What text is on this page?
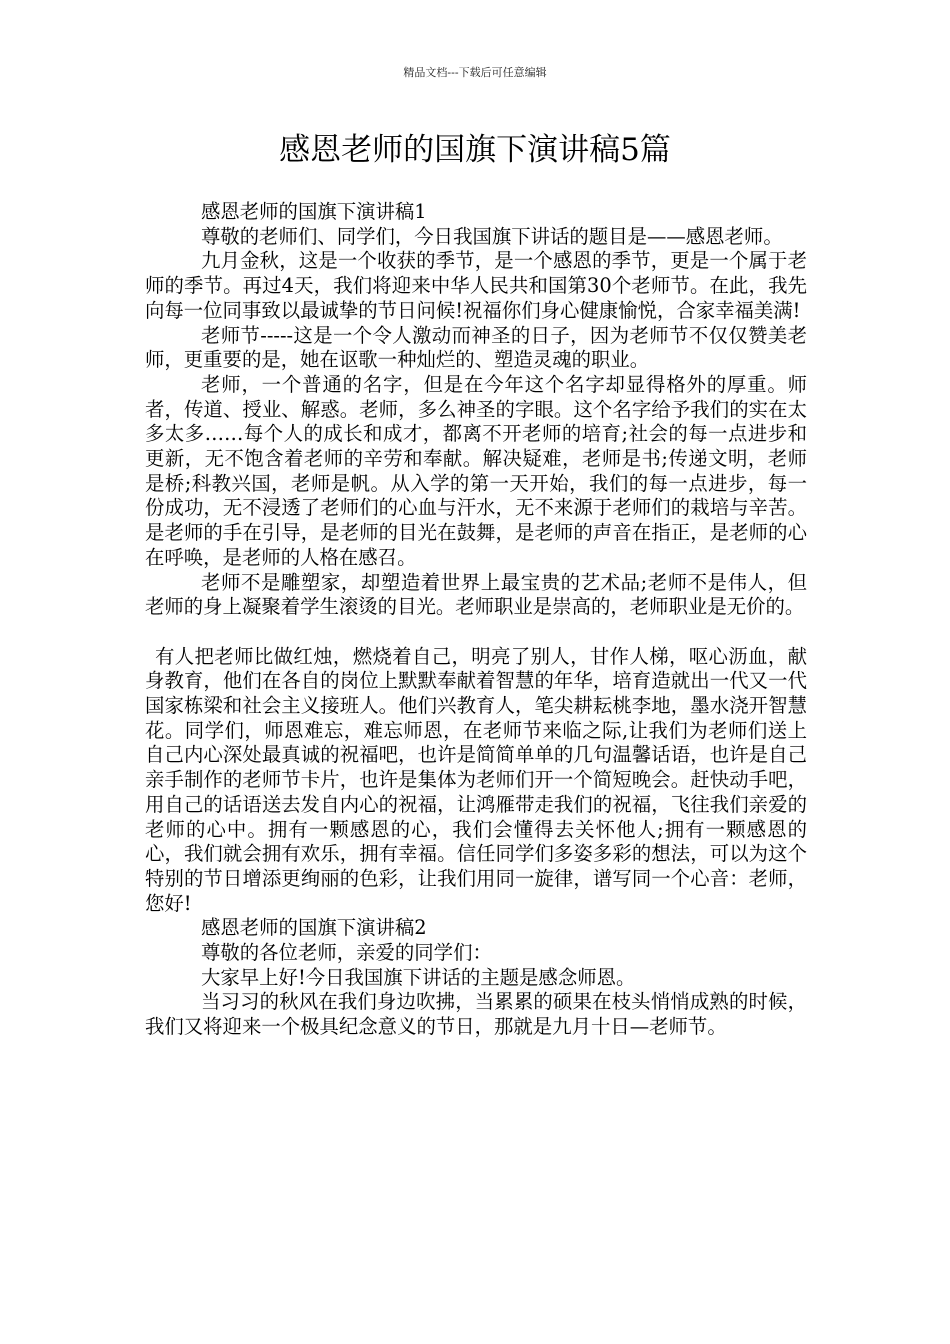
精品文档---下载后可任意编辑
感恩老师的国旗下演讲稿5篇

感恩老师的国旗下演讲稿1

尊敬的老师们、同学们，今日我国旗下讲话的题目是——感恩老师。

九月金秋，这是一个收获的季节，是一个感恩的季节，更是一个属于老师的季节。再过4天，我们将迎来中华人民共和国第30个老师节。在此，我先向每一位同事致以最诚挚的节日问候!祝福你们身心健康愉悦，合家幸福美满!

老师节-----这是一个令人激动而神圣的日子，因为老师节不仅仅赞美老师，更重要的是，她在讴歌一种灿烂的、塑造灵魂的职业。

老师，一个普通的名字，但是在今年这个名字却显得格外的厚重。师者，传道、授业、解惑。老师，多么神圣的字眼。这个名字给予我们的实在太多太多……每个人的成长和成才，都离不开老师的培育;社会的每一点进步和更新，无不饱含着老师的辛劳和奉献。解决疑难，老师是书;传递文明，老师是桥;科教兴国，老师是帆。从入学的第一天开始，我们的每一点进步，每一份成功，无不浸透了老师们的心血与汗水，无不来源于老师们的栽培与辛苦。是老师的手在引导，是老师的目光在鼓舞，是老师的声音在指正，是老师的心在呼唤，是老师的人格在感召。

老师不是雕塑家，却塑造着世界上最宝贵的艺术品;老师不是伟人，但老师的身上凝聚着学生滚烫的目光。老师职业是崇高的，老师职业是无价的。

有人把老师比做红烛，燃烧着自己，明亮了别人，甘作人梯，呕心沥血，献身教育，他们在各自的岗位上默默奉献着智慧的年华，培育造就出一代又一代国家栋梁和社会主义接班人。他们兴教育人，笔尖耕耘桃李地，墨水浇开智慧花。同学们，师恩难忘，难忘师恩，在老师节来临之际,让我们为老师们送上自己内心深处最真诚的祝福吧，也许是简简单单的几句温馨话语，也许是自己亲手制作的老师节卡片，也许是集体为老师们开一个简短晚会。赶快动手吧，用自己的话语送去发自内心的祝福，让鸿雁带走我们的祝福，飞往我们亲爱的老师的心中。拥有一颗感恩的心，我们会懂得去关怀他人;拥有一颗感恩的心，我们就会拥有欢乐，拥有幸福。信任同学们多姿多彩的想法，可以为这个特别的节日增添更绚丽的色彩，让我们用同一旋律，谱写同一个心音：老师，您好!

感恩老师的国旗下演讲稿2

尊敬的各位老师，亲爱的同学们：

大家早上好!今日我国旗下讲话的主题是感念师恩。

当习习的秋风在我们身边吹拂，当累累的硕果在枝头悄悄成熟的时候，我们又将迎来一个极具纪念意义的节日，那就是九月十日—老师节。
